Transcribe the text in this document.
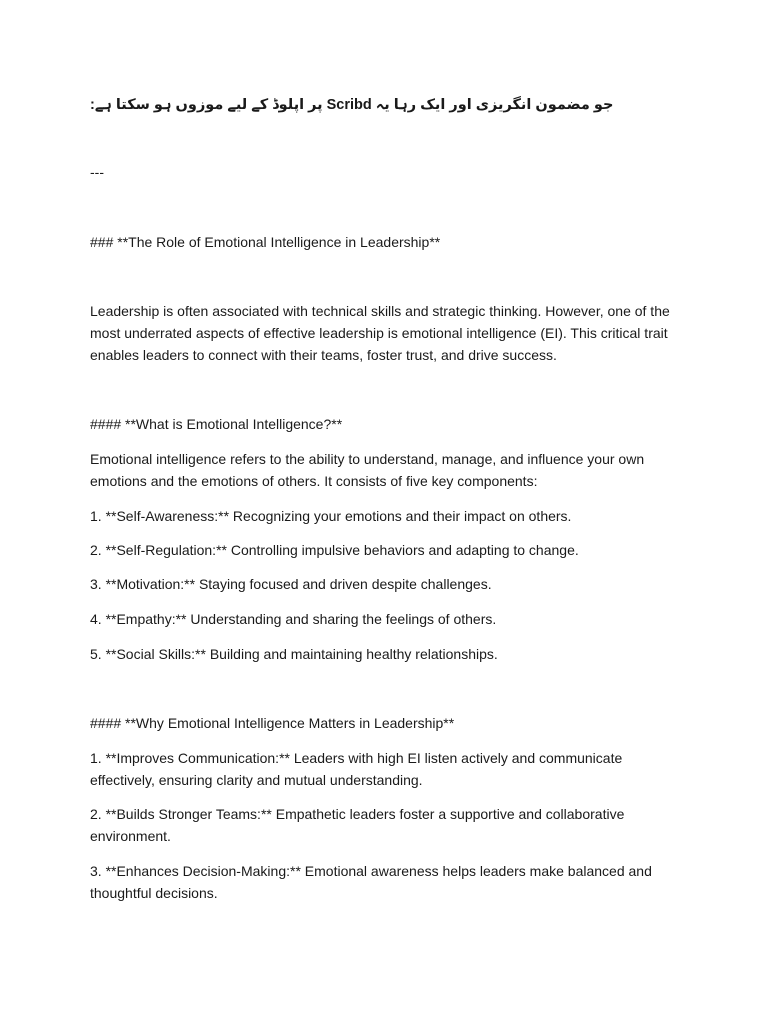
جو مضمون انگریزی اور ایک رہا یہ Scribd پر اپلوڈ کے لیے موزوں ہو سکتا ہے:

---

### **The Role of Emotional Intelligence in Leadership**

Leadership is often associated with technical skills and strategic thinking. However, one of the most underrated aspects of effective leadership is emotional intelligence (EI). This critical trait enables leaders to connect with their teams, foster trust, and drive success.

#### **What is Emotional Intelligence?**

Emotional intelligence refers to the ability to understand, manage, and influence your own emotions and the emotions of others. It consists of five key components:

1. **Self-Awareness:** Recognizing your emotions and their impact on others.

2. **Self-Regulation:** Controlling impulsive behaviors and adapting to change.

3. **Motivation:** Staying focused and driven despite challenges.

4. **Empathy:** Understanding and sharing the feelings of others.

5. **Social Skills:** Building and maintaining healthy relationships.

#### **Why Emotional Intelligence Matters in Leadership**

1. **Improves Communication:** Leaders with high EI listen actively and communicate effectively, ensuring clarity and mutual understanding.

2. **Builds Stronger Teams:** Empathetic leaders foster a supportive and collaborative environment.

3. **Enhances Decision-Making:** Emotional awareness helps leaders make balanced and thoughtful decisions.
